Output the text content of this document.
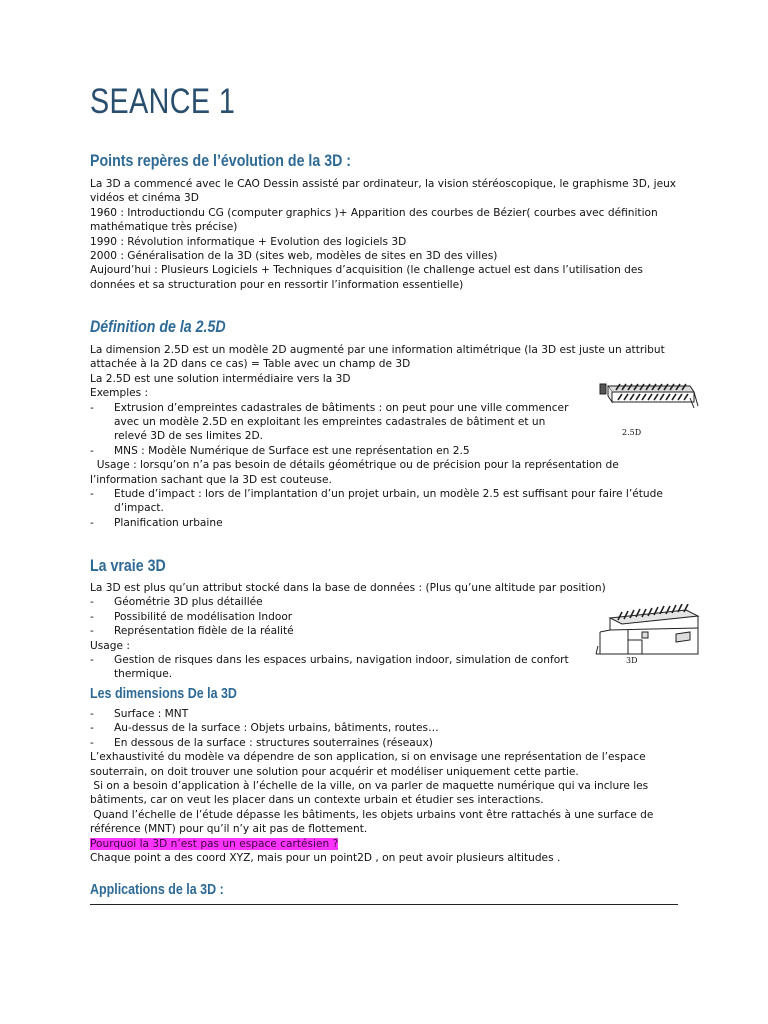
SEANCE 1
Points repères de l’évolution de la 3D :

La 3D a commencé avec le CAO Dessin assisté par ordinateur, la vision stéréoscopique, le graphisme 3D, jeux vidéos et cinéma 3D

1960 : Introductiondu CG (computer graphics )+ Apparition des courbes de Bézier( courbes avec définition mathématique très précise)

1990 : Révolution informatique + Evolution des logiciels 3D

2000 : Généralisation de la 3D (sites web, modèles de sites en 3D des villes)

Aujourd’hui : Plusieurs Logiciels + Techniques d’acquisition (le challenge actuel est dans l’utilisation des données et sa structuration pour en ressortir l’information essentielle)

Définition de la 2.5D

La dimension 2.5D est un modèle 2D augmenté par une information altimétrique (la 3D est juste un attribut attachée à la 2D dans ce cas) = Table avec un champ de 3D

La 2.5D est une solution intermédiaire vers la 3D

Exemples :

- Extrusion d’empreintes cadastrales de bâtiments : on peut pour une ville commencer avec un modèle 2.5D en exploitant les empreintes cadastrales de bâtiment et un relevé 3D de ses limites 2D.

- MNS : Modèle Numérique de Surface est une représentation en 2.5

Usage : lorsqu’on n’a pas besoin de détails géométrique ou de précision pour la représentation de l’information sachant que la 3D est couteuse.

- Etude d’impact : lors de l’implantation d’un projet urbain, un modèle 2.5 est suffisant pour faire l’étude d’impact.

- Planification urbaine

La vraie 3D

La 3D est plus qu’un attribut stocké dans la base de données : (Plus qu’une altitude par position)

- Géométrie 3D plus détaillée

- Possibilité de modélisation Indoor

- Représentation fidèle de la réalité

Usage :

- Gestion de risques dans les espaces urbains, navigation indoor, simulation de confort thermique.

Les dimensions De la 3D

- Surface : MNT

- Au-dessus de la surface : Objets urbains, bâtiments, routes…

- En dessous de la surface : structures souterraines (réseaux)

L’exhaustivité du modèle va dépendre de son application, si on envisage une représentation de l’espace souterrain, on doit trouver une solution pour acquérir et modéliser uniquement cette partie.

Si on a besoin d’application à l’échelle de la ville, on va parler de maquette numérique qui va inclure les bâtiments, car on veut les placer dans un contexte urbain et étudier ses interactions.

Quand l’échelle de l’étude dépasse les bâtiments, les objets urbains vont être rattachés à une surface de référence (MNT) pour qu’il n’y ait pas de flottement.

Pourquoi la 3D n’est pas un espace cartésien ?

Chaque point a des coord XYZ, mais pour un point2D , on peut avoir plusieurs altitudes .

Applications de la 3D :
2.5D
3D
